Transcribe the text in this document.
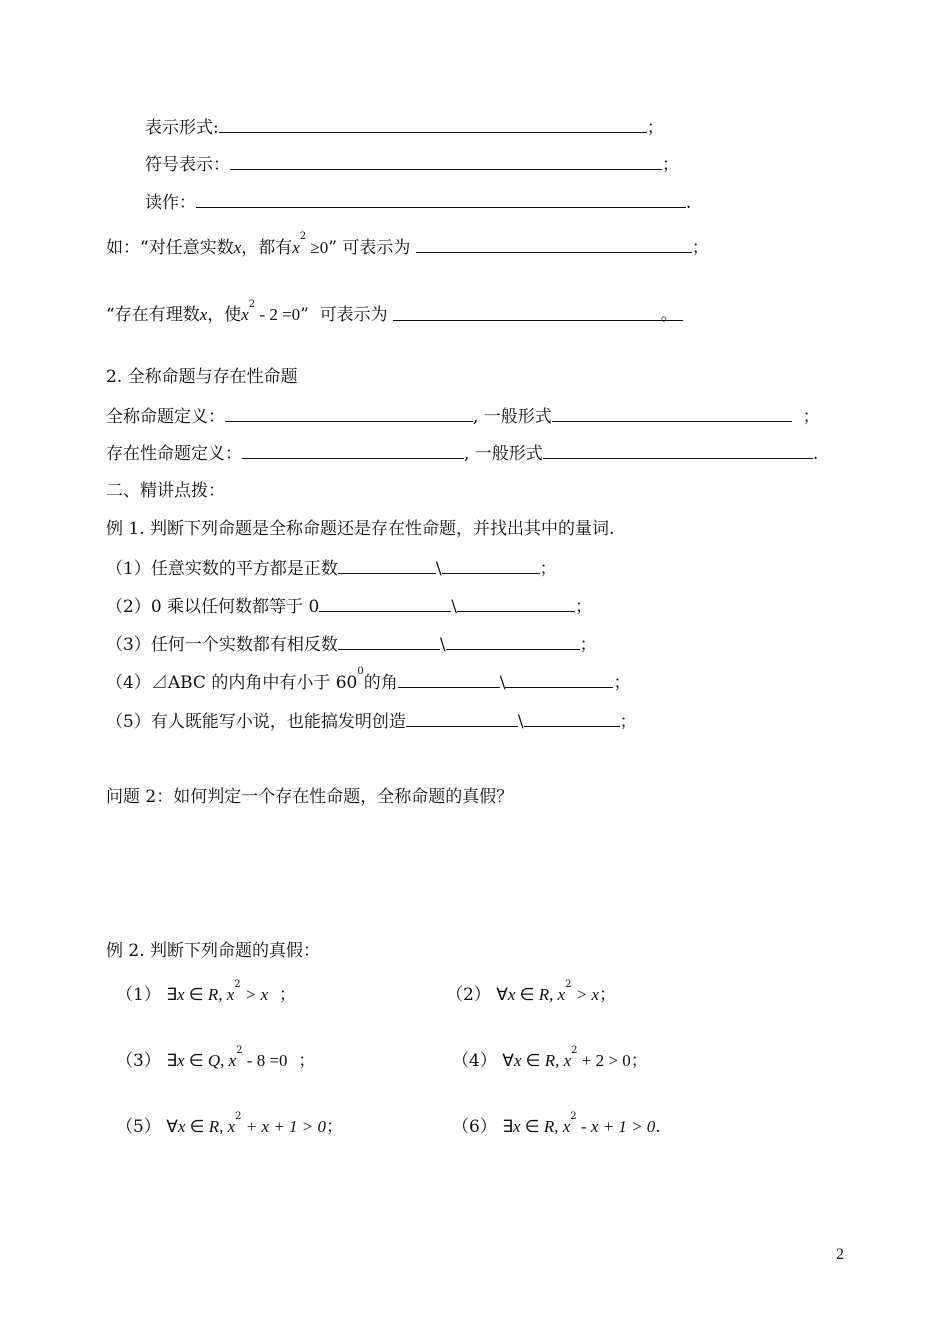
表示形式:	；
符号表示：	；
读作：	.
如：“对任意实数x，都有$x^2 \ge 0$” 可表示为	；
“存在有理数x，使$x^2 - 2 =0$” 可表示为	。
2. 全称命题与存在性命题
全称命题定义：	, 一般形式	；
存在性命题定义：	, 一般形式	.
二、精讲点拨：
例 1. 判断下列命题是全称命题还是存在性命题，并找出其中的量词.
（1）任意实数的平方都是正数	\	；
（2）0 乘以任何数都等于 0	\	；
（3）任何一个实数都有相反数	\	；
（4）⊿ABC 的内角中有小于 $60^0$的角	\	；
（5）有人既能写小说，也能搞发明创造	\	；
问题 2：如何判定一个存在性命题，全称命题的真假？
例 2. 判断下列命题的真假：
（1） ∃x ∈ R, $x^2 > x$ ；	（2） ∀x ∈ R, $x^2 > x$；
（3） ∃x ∈ Q, $x^2 - 8 =0$ ；	（4） ∀x ∈ R, $x^2 + 2 > 0$；
（5） ∀x ∈ R, $x^2 + x + 1 > 0$；	（6） ∃x ∈ R, $x^2 - x + 1 > 0$.
2
